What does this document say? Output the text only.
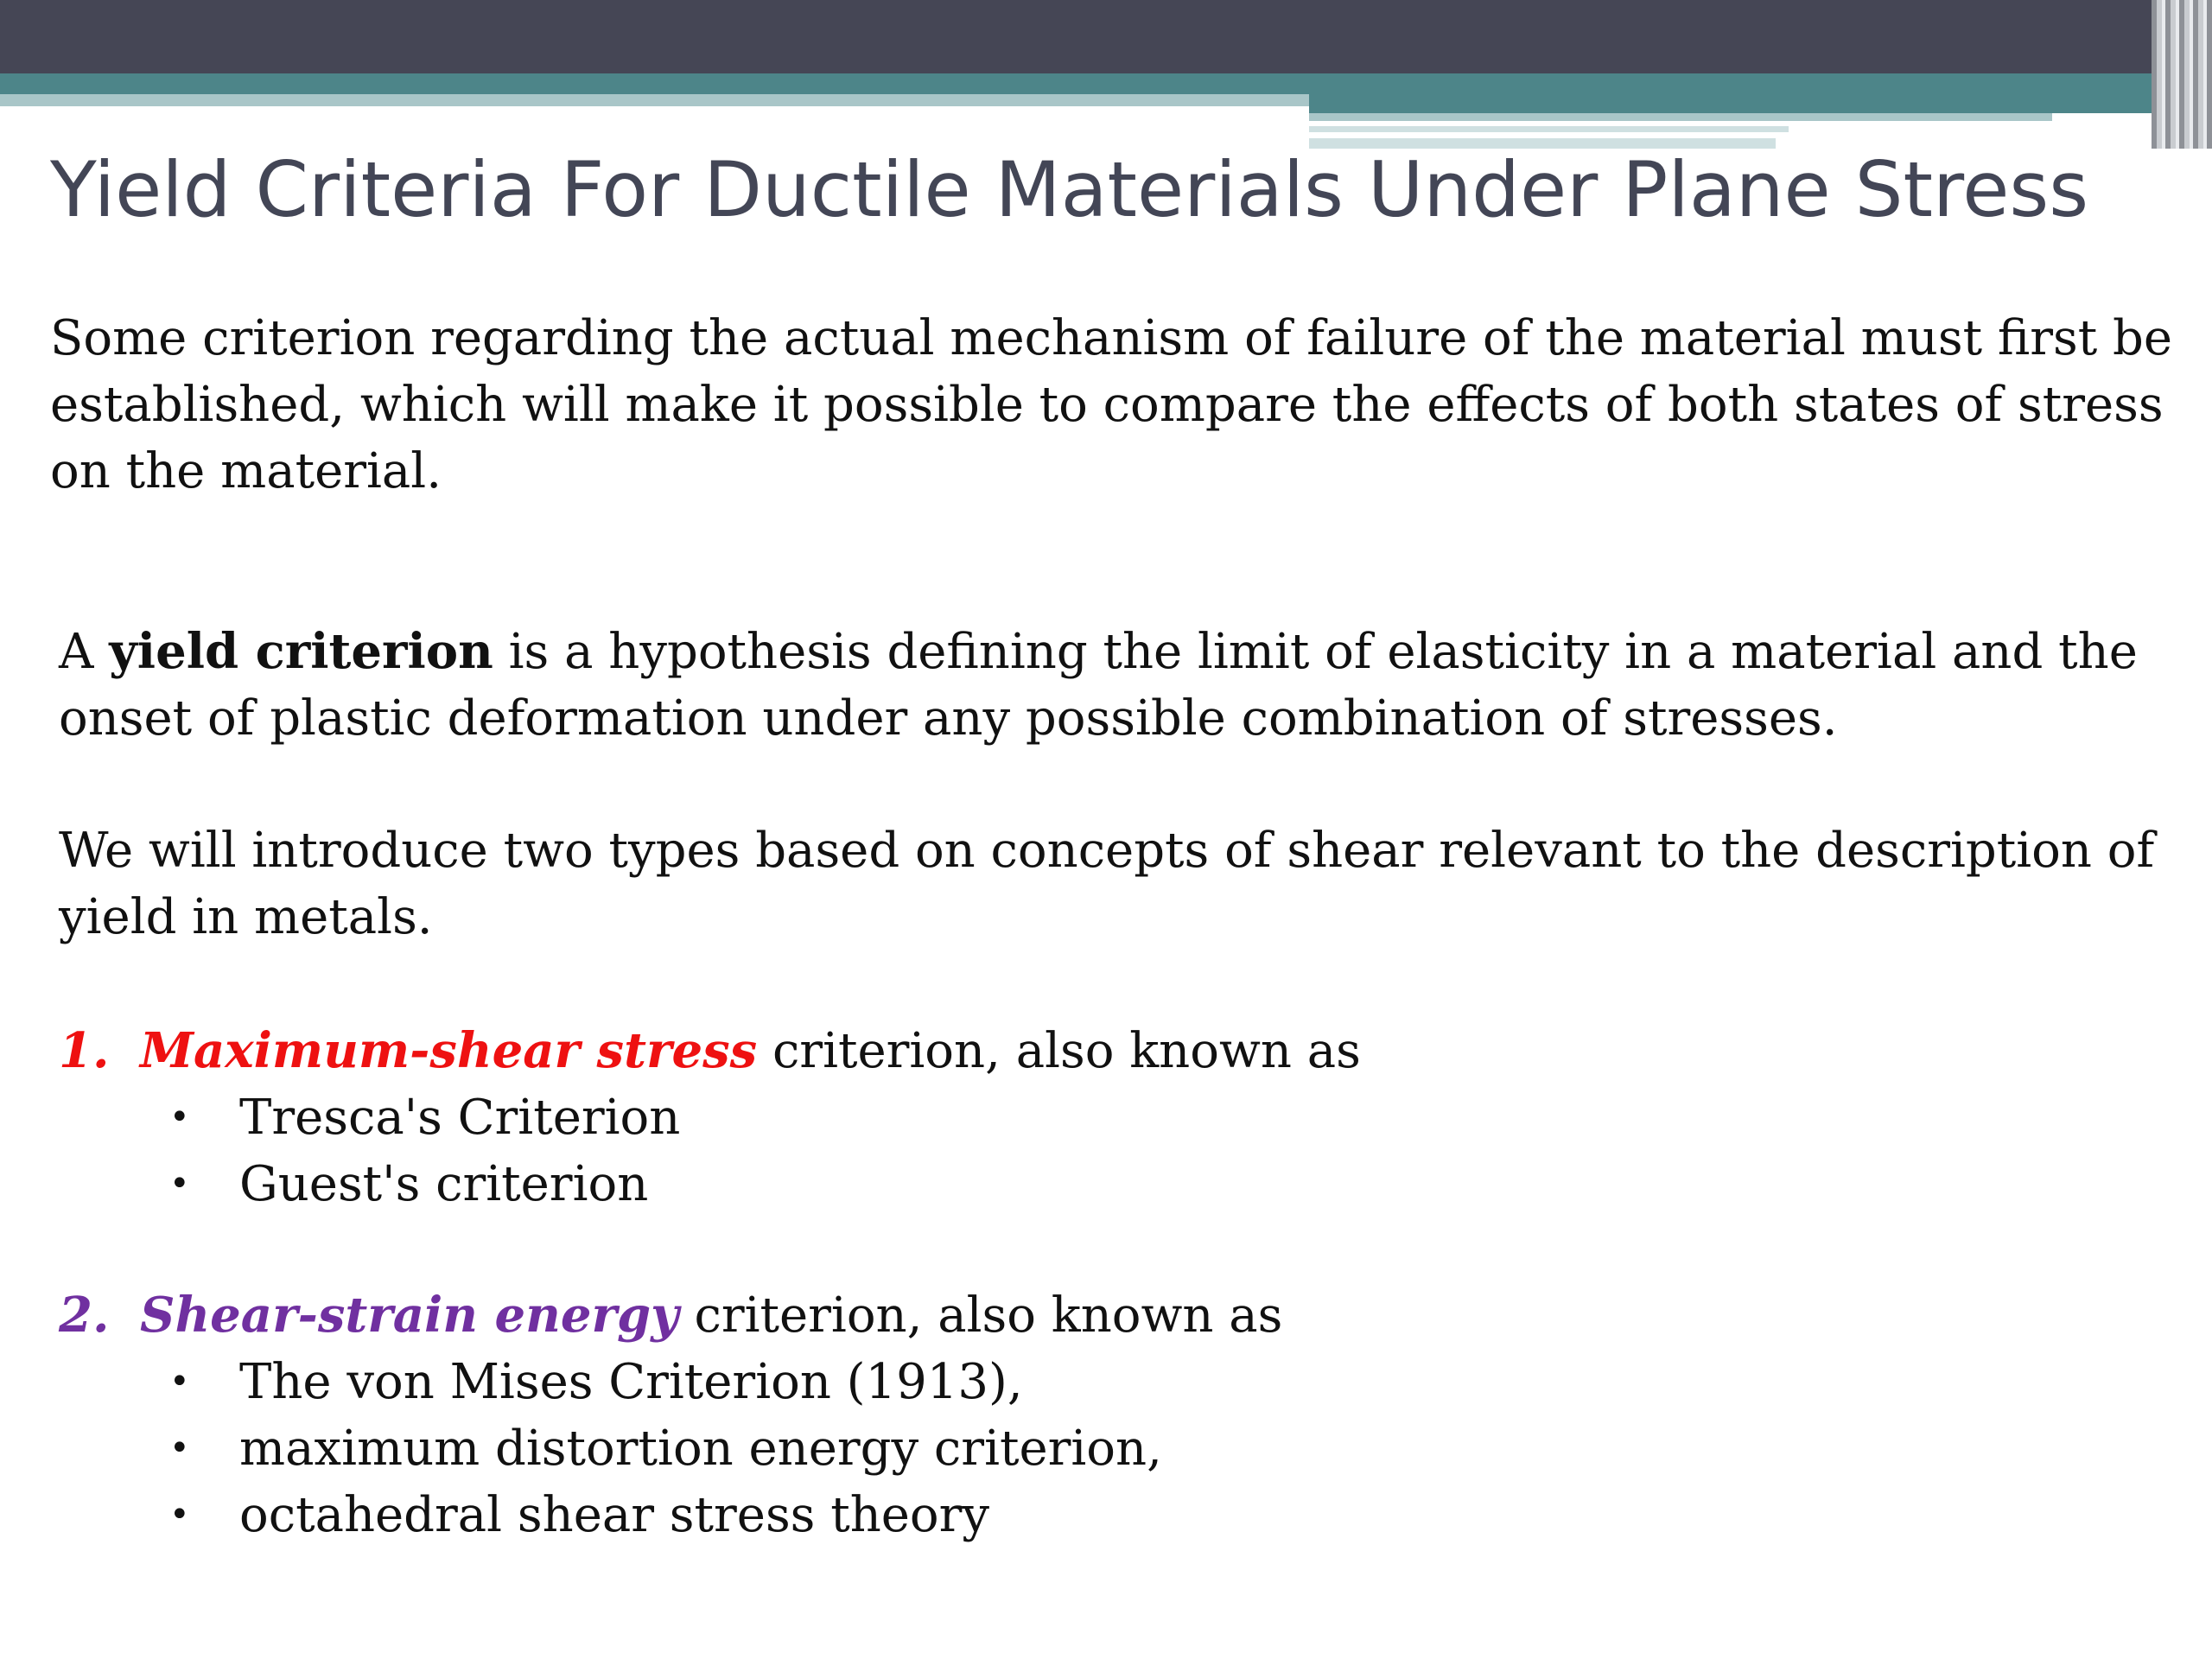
Yield Criteria For Ductile Materials Under Plane Stress

Some criterion regarding the actual mechanism of failure of the material must first be established, which will make it possible to compare the effects of both states of stress on the material.

A yield criterion is a hypothesis defining the limit of elasticity in a material and the onset of plastic deformation under any possible combination of stresses.

We will introduce two types based on concepts of shear relevant to the description of yield in metals.

1. Maximum-shear stress criterion, also known as
• Tresca's Criterion
• Guest's criterion
2. Shear-strain energy criterion, also known as
• The von Mises Criterion (1913),
• maximum distortion energy criterion,
• octahedral shear stress theory
